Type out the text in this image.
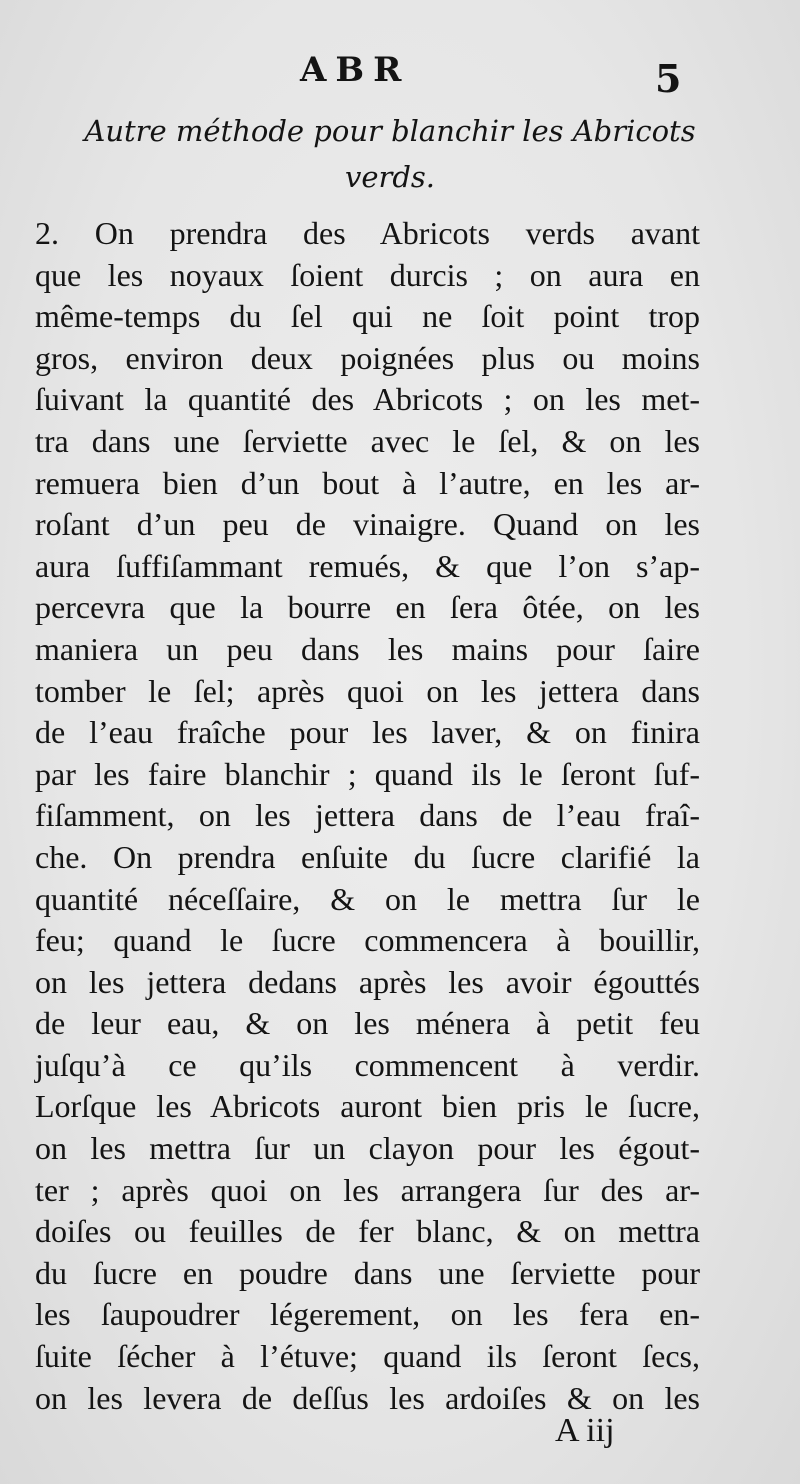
ABR	5
Autre méthode pour blanchir les Abricots
verds.
2. On prendra des Abricots verds avant
que les noyaux ſoient durcis ; on aura en
même-temps du ſel qui ne ſoit point trop
gros, environ deux poignées plus ou moins
ſuivant la quantité des Abricots ; on les met-
tra dans une ſerviette avec le ſel, & on les
remuera bien d’un bout à l’autre, en les ar-
roſant d’un peu de vinaigre. Quand on les
aura ſuffiſammant remués, & que l’on s’ap-
percevra que la bourre en ſera ôtée, on les
maniera un peu dans les mains pour ſaire
tomber le ſel; après quoi on les jettera dans
de l’eau fraîche pour les laver, & on finira
par les faire blanchir ; quand ils le ſeront ſuf-
fiſamment, on les jettera dans de l’eau fraî-
che. On prendra enſuite du ſucre clarifié la
quantité néceſſaire, & on le mettra ſur le
feu; quand le ſucre commencera à bouillir,
on les jettera dedans après les avoir égouttés
de leur eau, & on les ménera à petit feu
juſqu’à ce qu’ils commencent à verdir.
Lorſque les Abricots auront bien pris le ſucre,
on les mettra ſur un clayon pour les égout-
ter ; après quoi on les arrangera ſur des ar-
doiſes ou feuilles de fer blanc, & on mettra
du ſucre en poudre dans une ſerviette pour
les ſaupoudrer légerement, on les fera en-
ſuite ſécher à l’étuve; quand ils ſeront ſecs,
on les levera de deſſus les ardoiſes & on les
A iij
